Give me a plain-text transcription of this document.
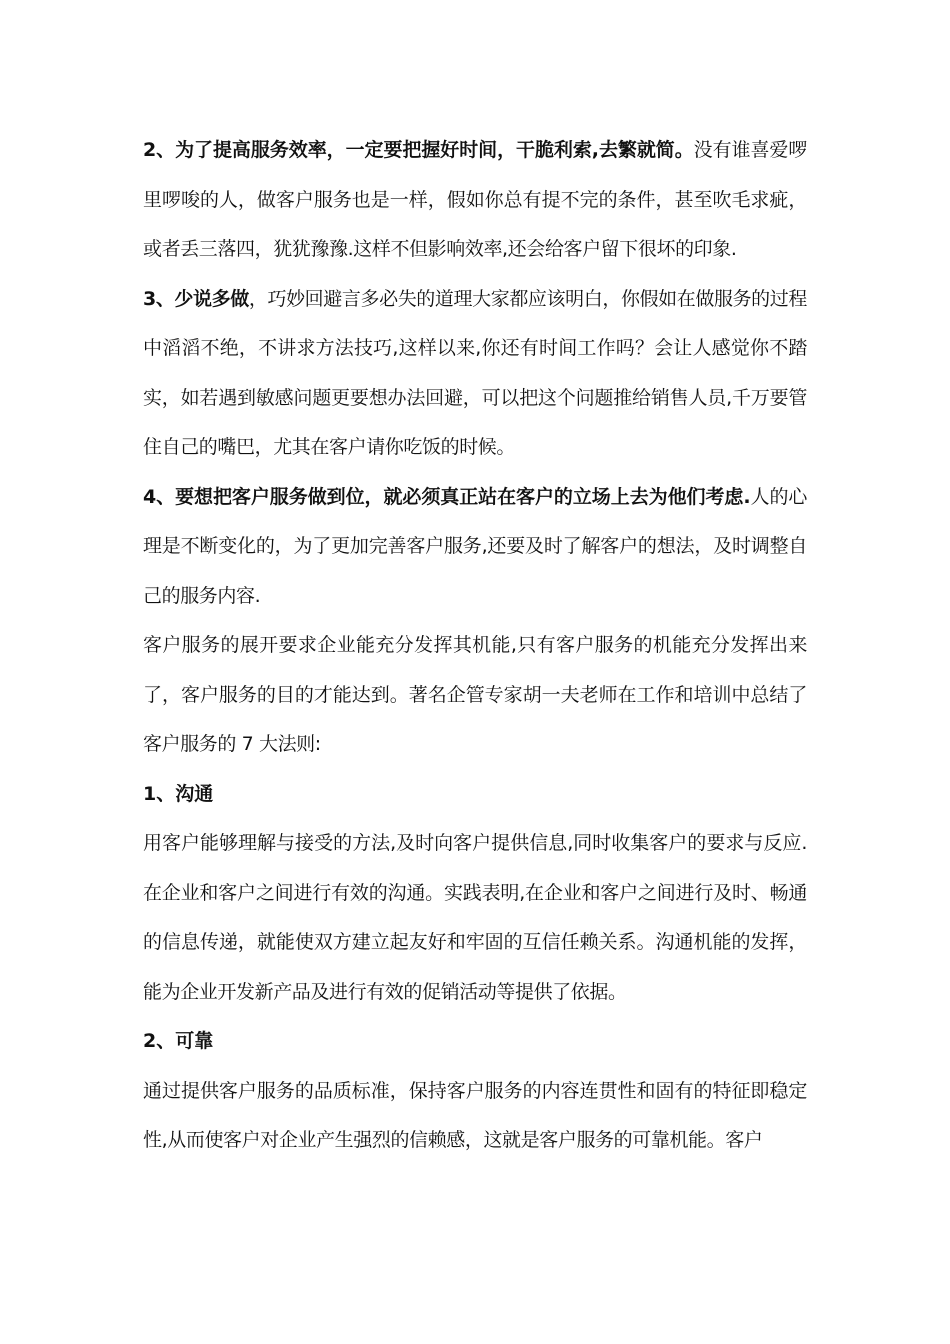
2、为了提高服务效率，一定要把握好时间，干脆利索,去繁就简。没有谁喜爱啰里啰唆的人，做客户服务也是一样，假如你总有提不完的条件，甚至吹毛求疵，或者丢三落四，犹犹豫豫.这样不但影响效率,还会给客户留下很坏的印象.

3、少说多做，巧妙回避言多必失的道理大家都应该明白，你假如在做服务的过程中滔滔不绝，不讲求方法技巧,这样以来,你还有时间工作吗？会让人感觉你不踏实，如若遇到敏感问题更要想办法回避，可以把这个问题推给销售人员,千万要管住自己的嘴巴，尤其在客户请你吃饭的时候。

4、要想把客户服务做到位，就必须真正站在客户的立场上去为他们考虑.人的心理是不断变化的，为了更加完善客户服务,还要及时了解客户的想法，及时调整自己的服务内容.

客户服务的展开要求企业能充分发挥其机能,只有客户服务的机能充分发挥出来了，客户服务的目的才能达到。著名企管专家胡一夫老师在工作和培训中总结了客户服务的 7 大法则:

1、沟通

用客户能够理解与接受的方法,及时向客户提供信息,同时收集客户的要求与反应.在企业和客户之间进行有效的沟通。实践表明,在企业和客户之间进行及时、畅通的信息传递，就能使双方建立起友好和牢固的互信任赖关系。沟通机能的发挥，能为企业开发新产品及进行有效的促销活动等提供了依据。

2、可靠

通过提供客户服务的品质标准，保持客户服务的内容连贯性和固有的特征即稳定性,从而使客户对企业产生强烈的信赖感，这就是客户服务的可靠机能。客户
